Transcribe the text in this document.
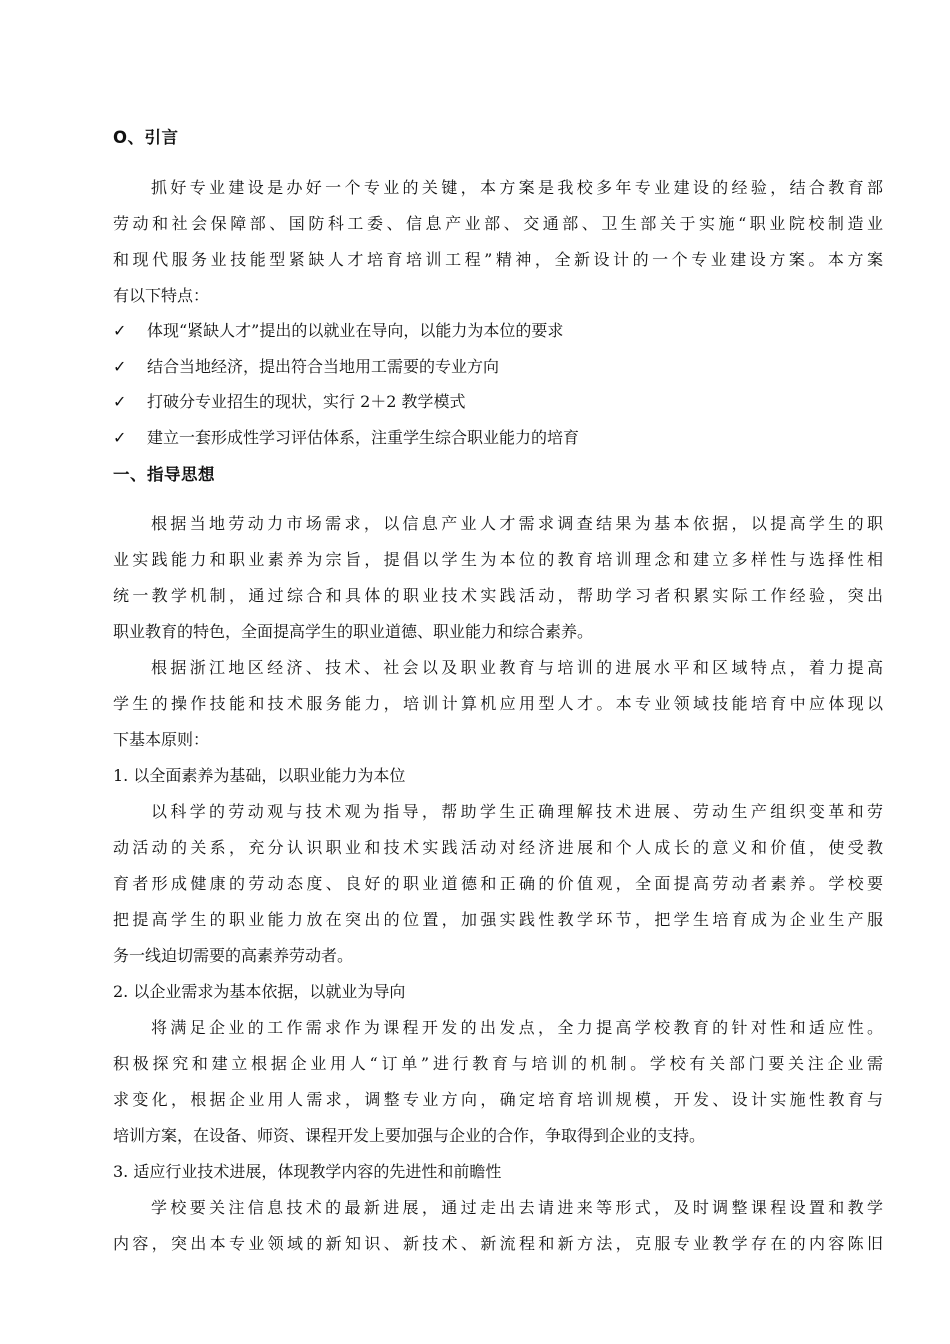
O、引言
抓好专业建设是办好一个专业的关键，本方案是我校多年专业建设的经验，结合教育部
劳动和社会保障部、国防科工委、信息产业部、交通部、卫生部关于实施“职业院校制造业
和现代服务业技能型紧缺人才培育培训工程”精神，全新设计的一个专业建设方案。本方案
有以下特点：
✓ 体现“紧缺人才”提出的以就业在导向，以能力为本位的要求
✓ 结合当地经济，提出符合当地用工需要的专业方向
✓ 打破分专业招生的现状，实行 2＋2 教学模式
✓ 建立一套形成性学习评估体系，注重学生综合职业能力的培育
一、指导思想
根据当地劳动力市场需求，以信息产业人才需求调查结果为基本依据，以提高学生的职
业实践能力和职业素养为宗旨，提倡以学生为本位的教育培训理念和建立多样性与选择性相
统一教学机制，通过综合和具体的职业技术实践活动，帮助学习者积累实际工作经验，突出
职业教育的特色，全面提高学生的职业道德、职业能力和综合素养。
根据浙江地区经济、技术、社会以及职业教育与培训的进展水平和区域特点，着力提高
学生的操作技能和技术服务能力，培训计算机应用型人才。本专业领域技能培育中应体现以
下基本原则：
1. 以全面素养为基础，以职业能力为本位
以科学的劳动观与技术观为指导，帮助学生正确理解技术进展、劳动生产组织变革和劳
动活动的关系，充分认识职业和技术实践活动对经济进展和个人成长的意义和价值，使受教
育者形成健康的劳动态度、良好的职业道德和正确的价值观，全面提高劳动者素养。学校要
把提高学生的职业能力放在突出的位置，加强实践性教学环节，把学生培育成为企业生产服
务一线迫切需要的高素养劳动者。
2. 以企业需求为基本依据，以就业为导向
将满足企业的工作需求作为课程开发的出发点，全力提高学校教育的针对性和适应性。
积极探究和建立根据企业用人“订单”进行教育与培训的机制。学校有关部门要关注企业需
求变化，根据企业用人需求，调整专业方向，确定培育培训规模，开发、设计实施性教育与
培训方案，在设备、师资、课程开发上要加强与企业的合作，争取得到企业的支持。
3. 适应行业技术进展，体现教学内容的先进性和前瞻性
学校要关注信息技术的最新进展，通过走出去请进来等形式，及时调整课程设置和教学
内容，突出本专业领域的新知识、新技术、新流程和新方法，克服专业教学存在的内容陈旧
